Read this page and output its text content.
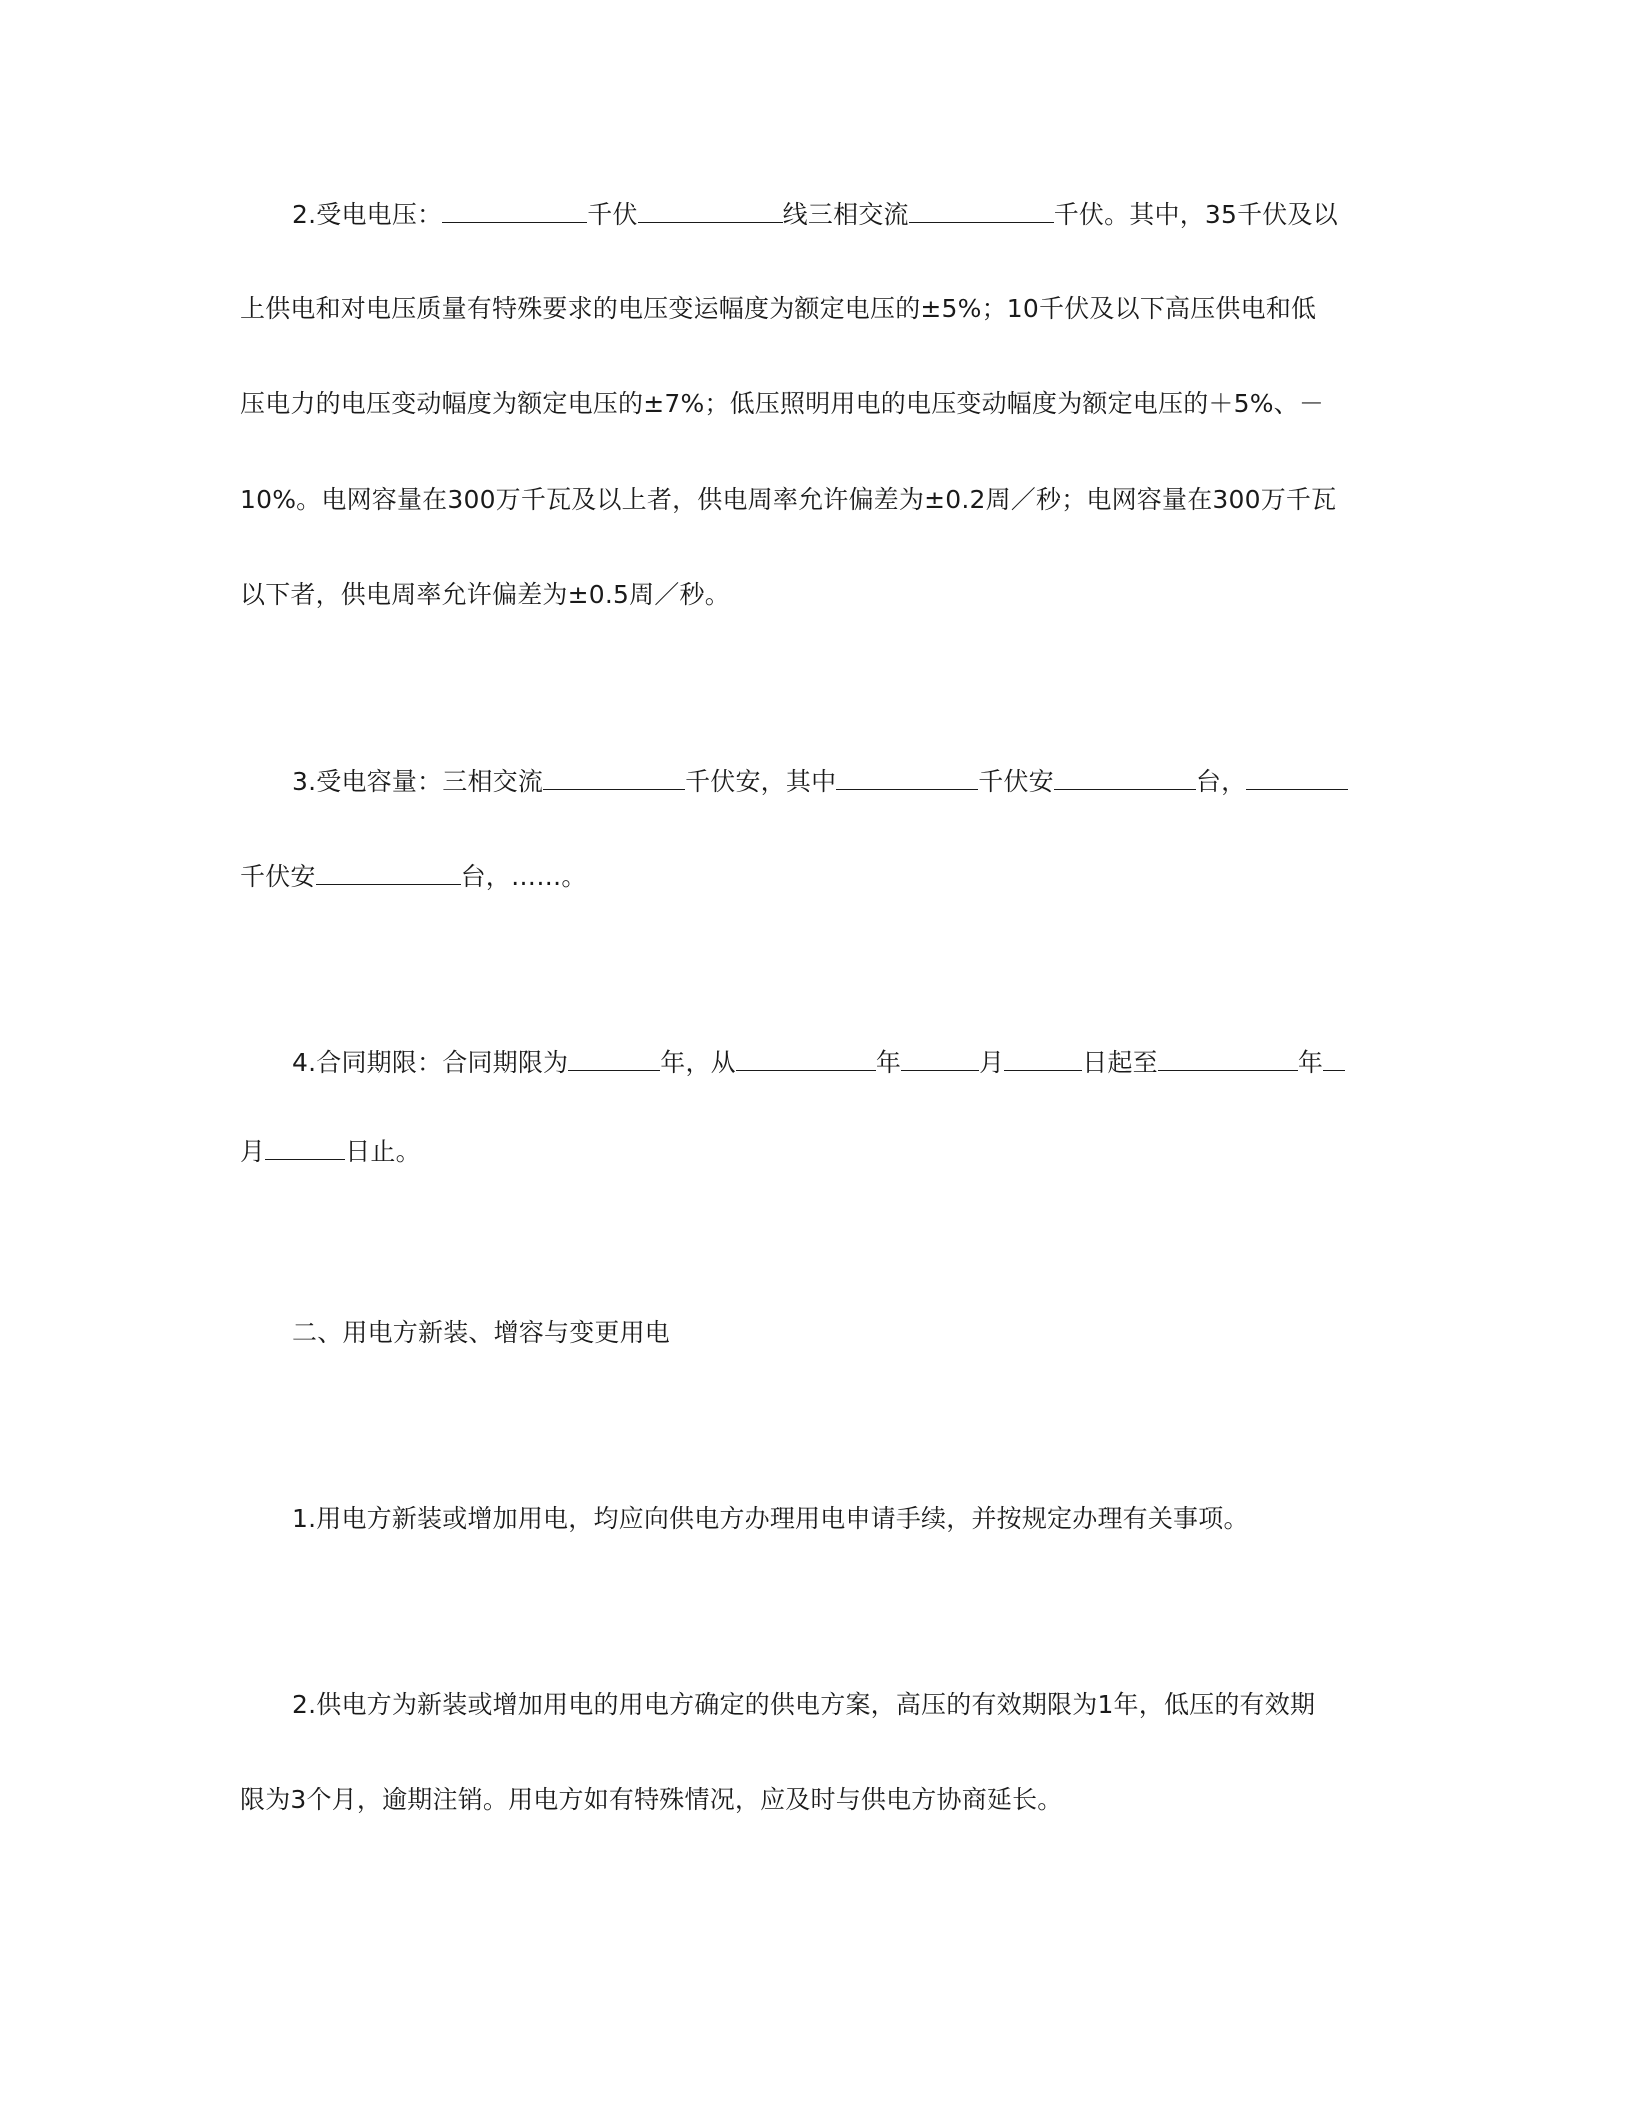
2.受电电压：	千伏	线三相交流	千伏。其中，35千伏及以
上供电和对电压质量有特殊要求的电压变运幅度为额定电压的±5%；10千伏及以下高压供电和低
压电力的电压变动幅度为额定电压的±7%；低压照明用电的电压变动幅度为额定电压的＋5%、－
10%。电网容量在300万千瓦及以上者，供电周率允许偏差为±0.2周／秒；电网容量在300万千瓦
以下者，供电周率允许偏差为±0.5周／秒。
3.受电容量：三相交流	千伏安，其中	千伏安	台，
千伏安	台，……。
4.合同期限：合同期限为	年，从	年	月	日起至	年
月	日止。
二、用电方新装、增容与变更用电
1.用电方新装或增加用电，均应向供电方办理用电申请手续，并按规定办理有关事项。
2.供电方为新装或增加用电的用电方确定的供电方案，高压的有效期限为1年，低压的有效期
限为3个月，逾期注销。用电方如有特殊情况，应及时与供电方协商延长。
